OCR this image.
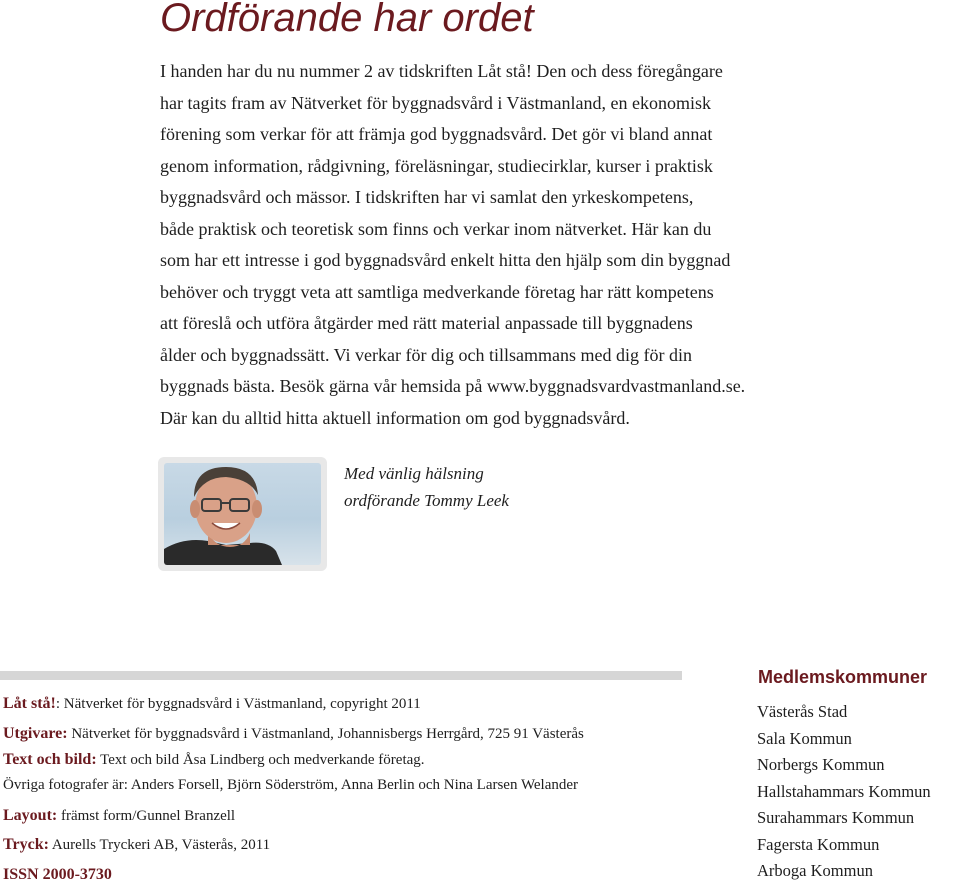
Ordförande har ordet
I handen har du nu nummer 2 av tidskriften Låt stå! Den och dess föregångare
har tagits fram av Nätverket för byggnadsvård i Västmanland, en ekonomisk
förening som verkar för att främja god byggnadsvård. Det gör vi bland annat
genom information, rådgivning, föreläsningar, studiecirklar, kurser i praktisk
byggnadsvård och mässor. I tidskriften har vi samlat den yrkeskompetens,
både praktisk och teoretisk som finns och verkar inom nätverket. Här kan du
som har ett intresse i god byggnadsvård enkelt hitta den hjälp som din byggnad
behöver och tryggt veta att samtliga medverkande företag har rätt kompetens
att föreslå och utföra åtgärder med rätt material anpassade till byggnadens
ålder och byggnadssätt. Vi verkar för dig och tillsammans med dig för din
byggnads bästa. Besök gärna vår hemsida på www.byggnadsvardvastmanland.se.
Där kan du alltid hitta aktuell information om god byggnadsvård.
Med vänlig hälsning
ordförande Tommy Leek
Låt stå!: Nätverket för byggnadsvård i Västmanland, copyright 2011
Utgivare: Nätverket för byggnadsvård i Västmanland, Johannisbergs Herrgård, 725 91 Västerås
Text och bild: Text och bild Åsa Lindberg och medverkande företag.
Övriga fotografer är: Anders Forsell, Björn Söderström, Anna Berlin och Nina Larsen Welander
Layout: främst form/Gunnel Branzell
Tryck: Aurells Tryckeri AB, Västerås, 2011
ISSN 2000-3730
Medlemskommuner
Västerås Stad
Sala Kommun
Norbergs Kommun
Hallstahammars Kommun
Surahammars Kommun
Fagersta Kommun
Arboga Kommun
